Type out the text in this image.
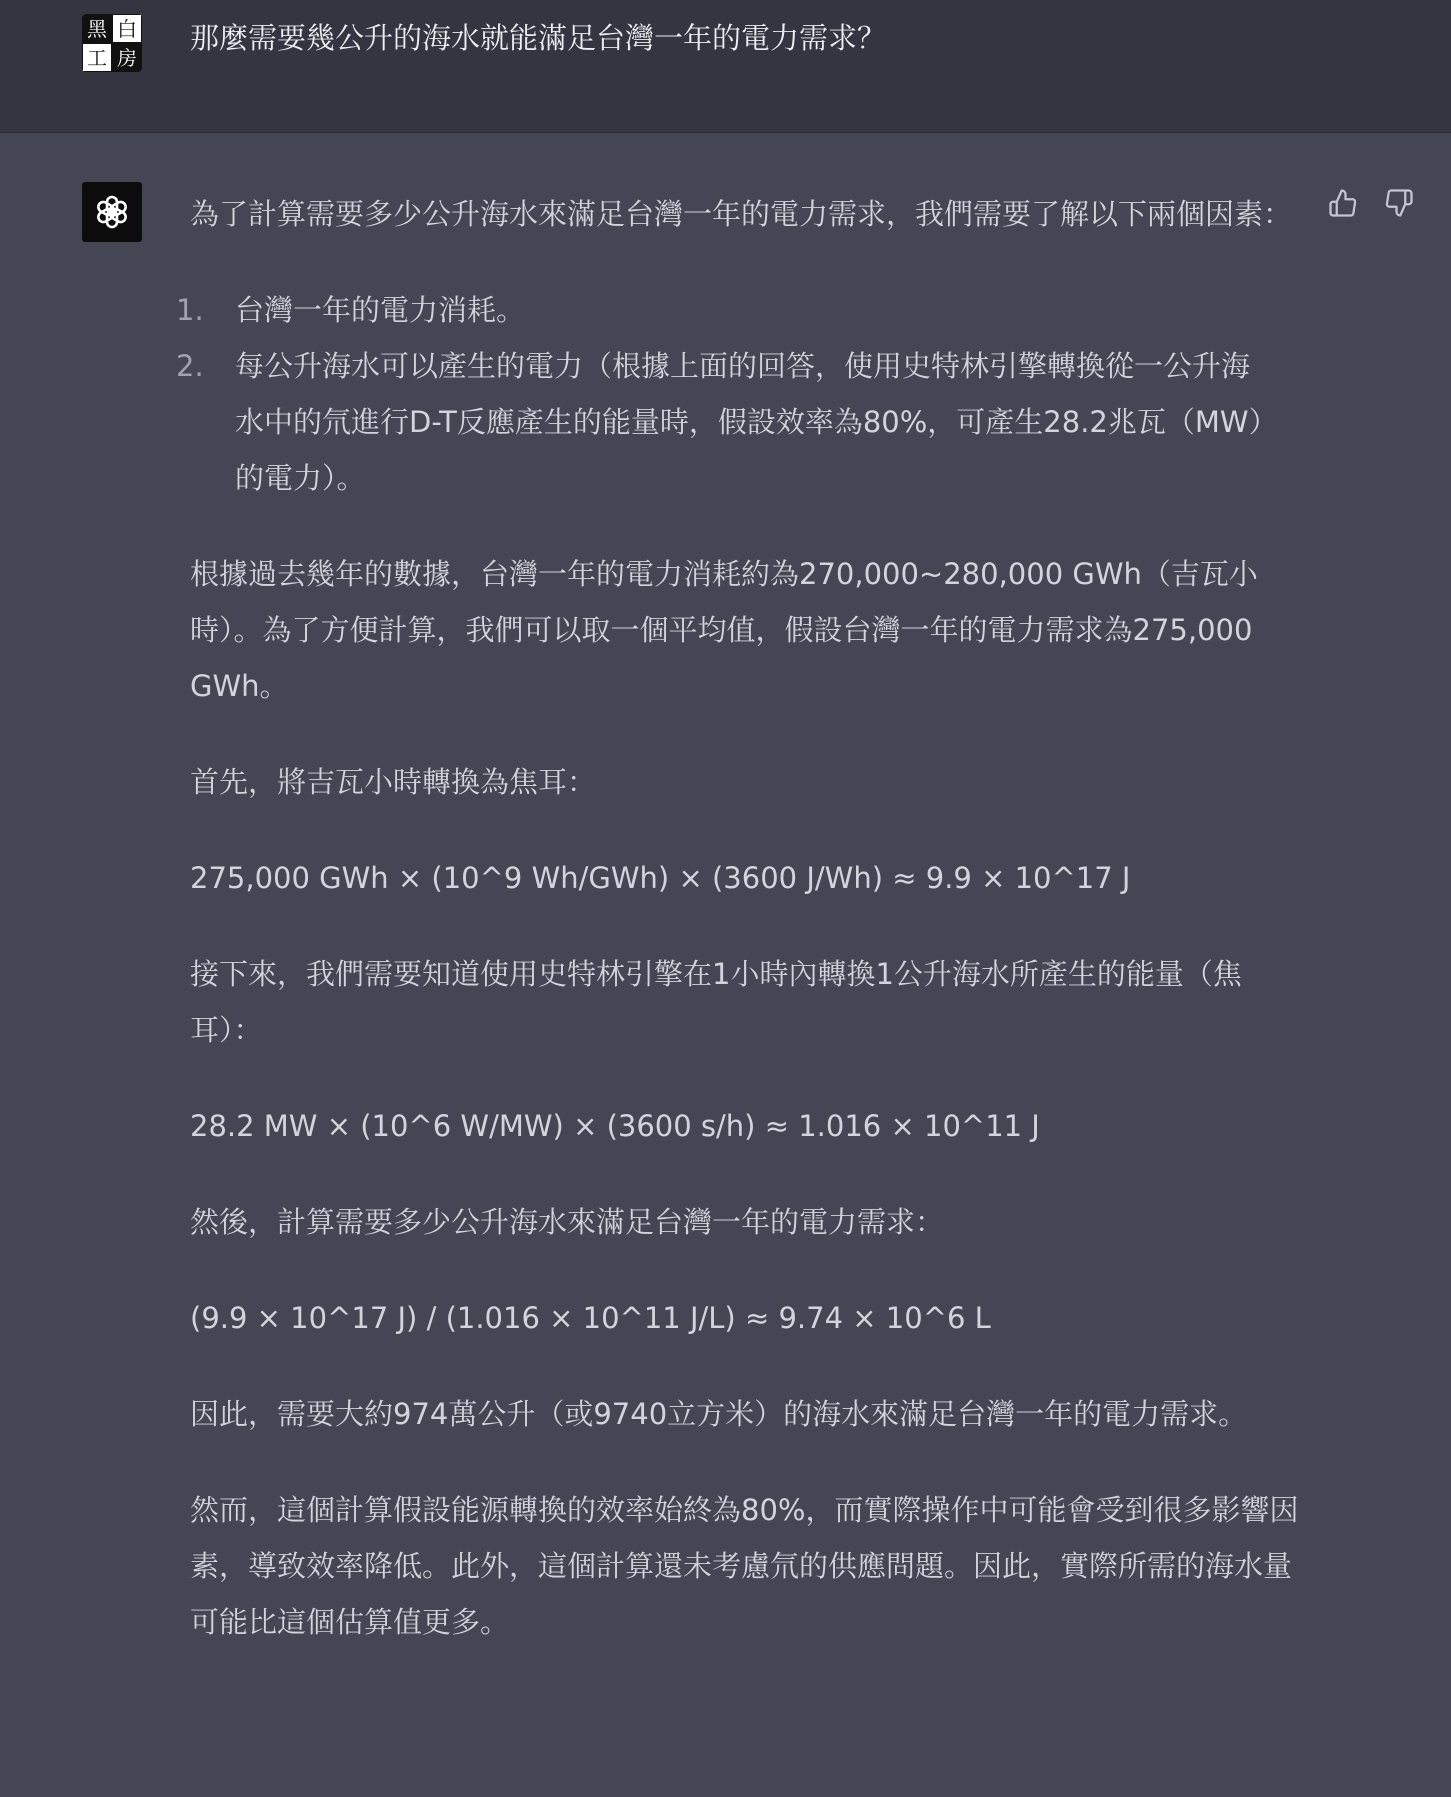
黑 白
工 房
那麼需要幾公升的海水就能滿足台灣一年的電力需求？

為了計算需要多少公升海水來滿足台灣一年的電力需求，我們需要了解以下兩個因素：

1. 台灣一年的電力消耗。
2. 每公升海水可以產生的電力（根據上面的回答，使用史特林引擎轉換從一公升海水中的氘進行D-T反應產生的能量時，假設效率為80%，可產生28.2兆瓦（MW）的電力）。

根據過去幾年的數據，台灣一年的電力消耗約為270,000~280,000 GWh（吉瓦小時）。為了方便計算，我們可以取一個平均值，假設台灣一年的電力需求為275,000 GWh。

首先，將吉瓦小時轉換為焦耳：

275,000 GWh × (10^9 Wh/GWh) × (3600 J/Wh) ≈ 9.9 × 10^17 J

接下來，我們需要知道使用史特林引擎在1小時內轉換1公升海水所產生的能量（焦耳）：

28.2 MW × (10^6 W/MW) × (3600 s/h) ≈ 1.016 × 10^11 J

然後，計算需要多少公升海水來滿足台灣一年的電力需求：

(9.9 × 10^17 J) / (1.016 × 10^11 J/L) ≈ 9.74 × 10^6 L

因此，需要大約974萬公升（或9740立方米）的海水來滿足台灣一年的電力需求。

然而，這個計算假設能源轉換的效率始終為80%，而實際操作中可能會受到很多影響因素，導致效率降低。此外，這個計算還未考慮氘的供應問題。因此，實際所需的海水量可能比這個估算值更多。
